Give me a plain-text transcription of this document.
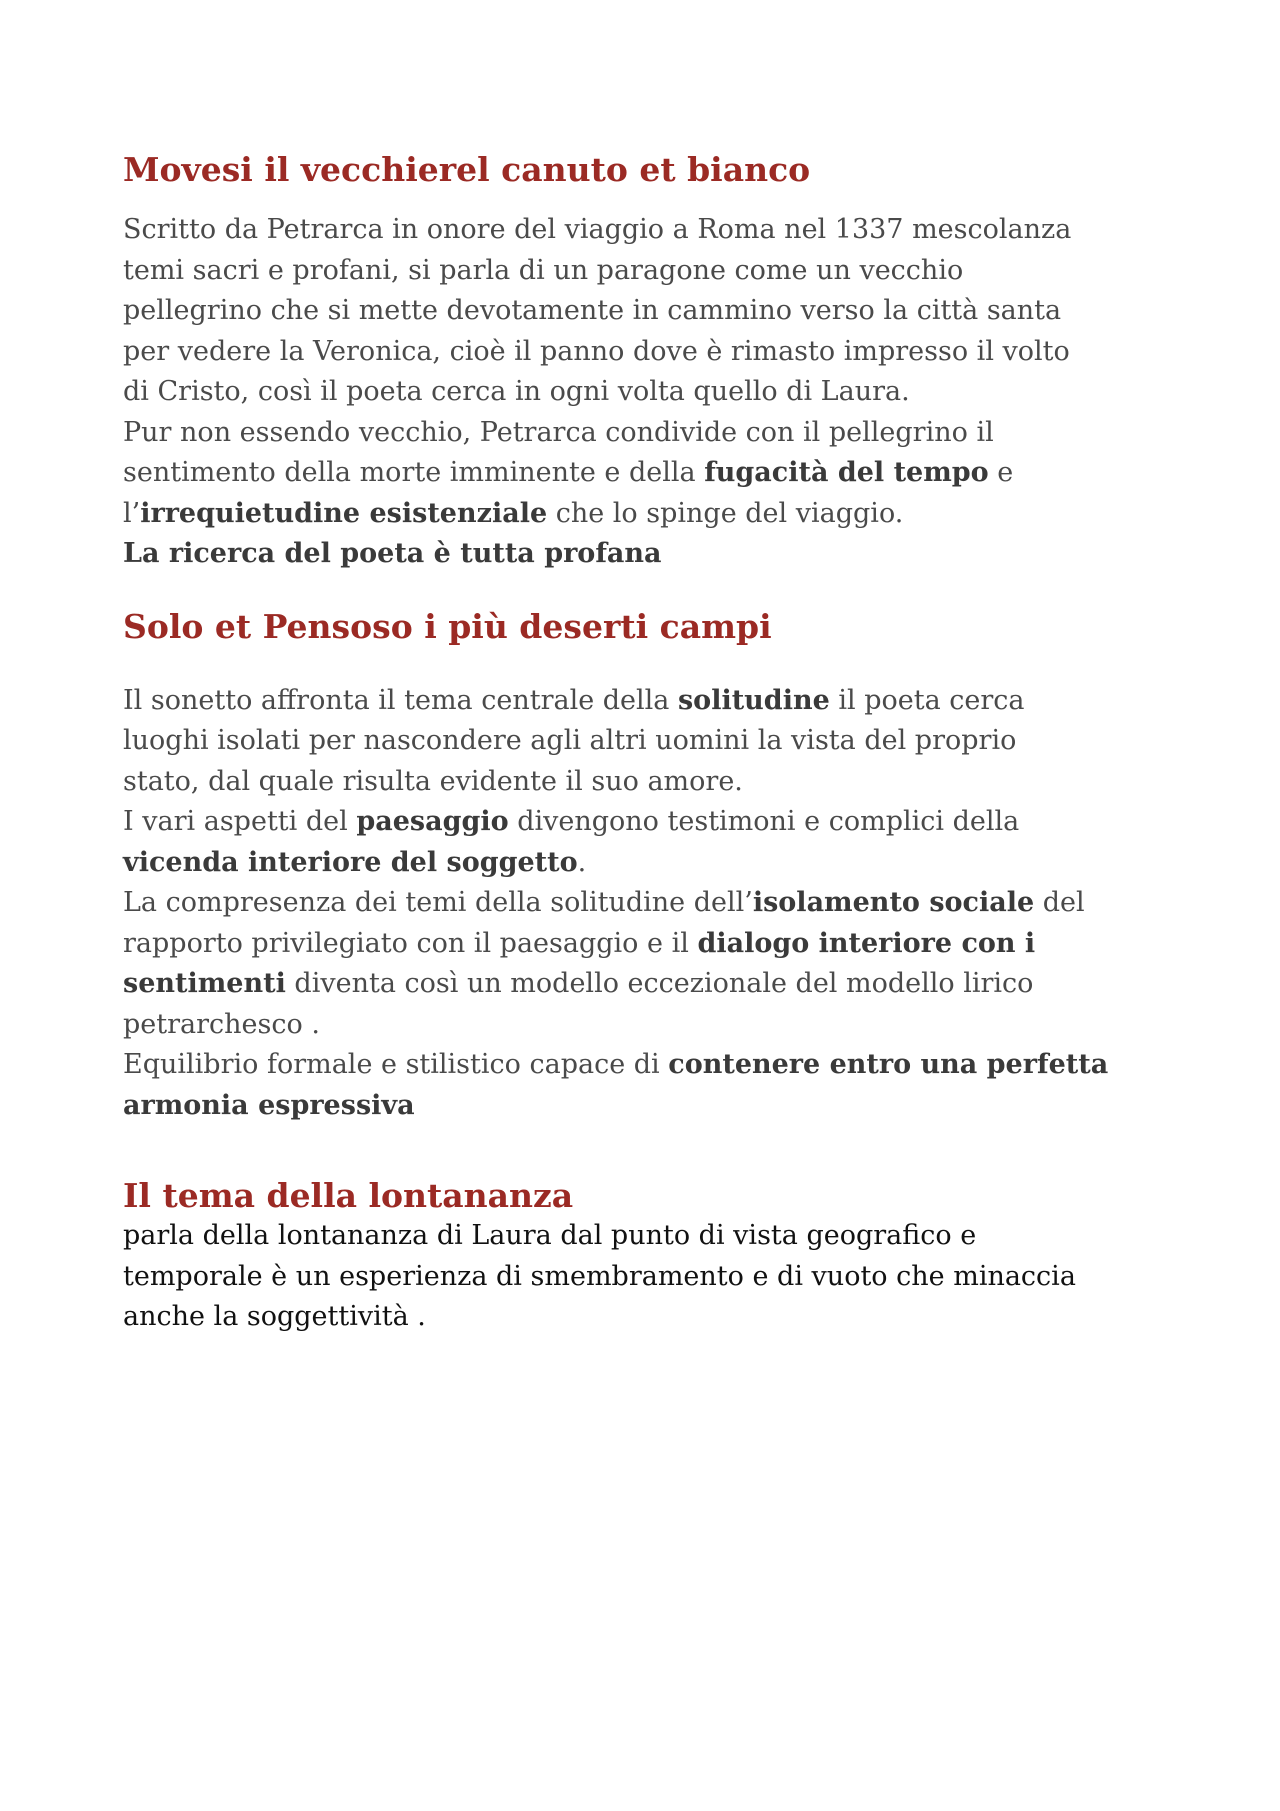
Movesi il vecchierel canuto et bianco
Scritto da Petrarca in onore del viaggio a Roma nel 1337 mescolanza
temi sacri e profani, si parla di un paragone come un vecchio
pellegrino che si mette devotamente in cammino verso la città santa
per vedere la Veronica, cioè il panno dove è rimasto impresso il volto
di Cristo, così il poeta cerca in ogni volta quello di Laura.
Pur non essendo vecchio, Petrarca condivide con il pellegrino il
sentimento della morte imminente e della fugacità del tempo e
l’irrequietudine esistenziale che lo spinge del viaggio.
La ricerca del poeta è tutta profana
Solo et Pensoso i più deserti campi
Il sonetto affronta il tema centrale della solitudine il poeta cerca
luoghi isolati per nascondere agli altri uomini la vista del proprio
stato, dal quale risulta evidente il suo amore.
I vari aspetti del paesaggio divengono testimoni e complici della
vicenda interiore del soggetto.
La compresenza dei temi della solitudine dell’isolamento sociale del
rapporto privilegiato con il paesaggio e il dialogo interiore con i
sentimenti diventa così un modello eccezionale del modello lirico
petrarchesco .
Equilibrio formale e stilistico capace di contenere entro una perfetta
armonia espressiva
Il tema della lontananza
parla della lontananza di Laura dal punto di vista geografico e
temporale è un esperienza di smembramento e di vuoto che minaccia
anche la soggettività .
